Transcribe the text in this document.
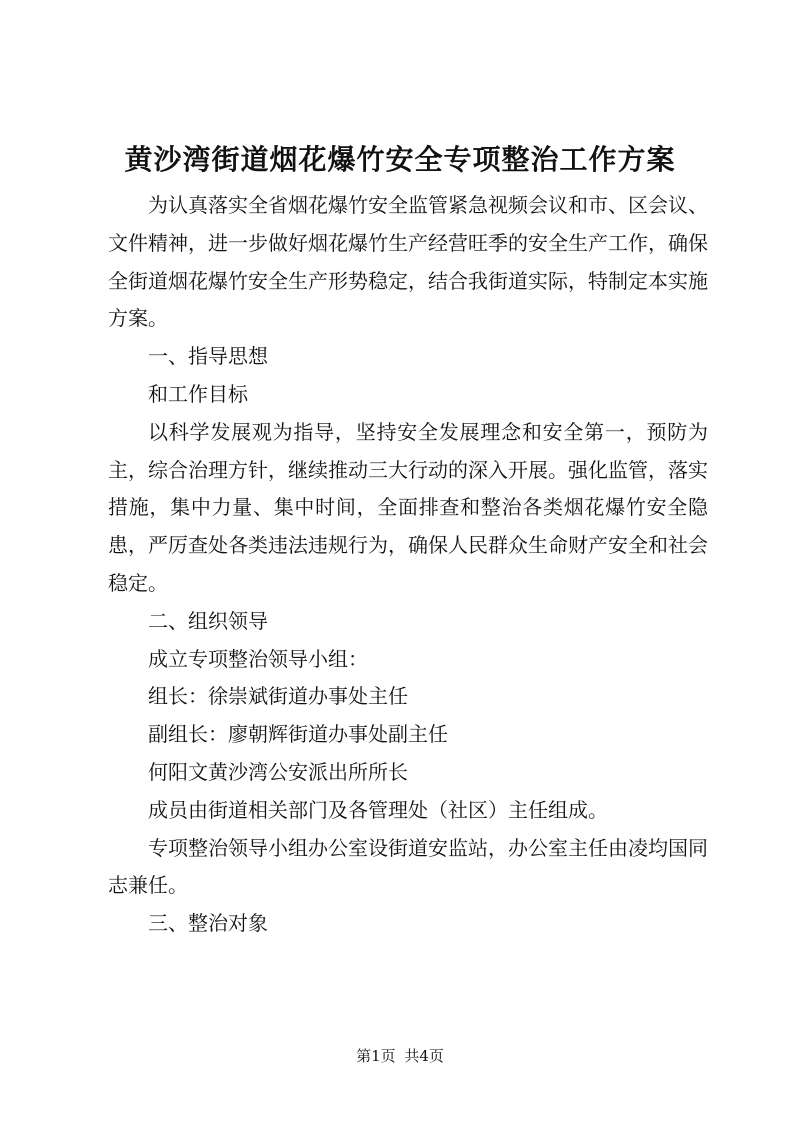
黄沙湾街道烟花爆竹安全专项整治工作方案

为认真落实全省烟花爆竹安全监管紧急视频会议和市、区会议、文件精神，进一步做好烟花爆竹生产经营旺季的安全生产工作，确保全街道烟花爆竹安全生产形势稳定，结合我街道实际，特制定本实施方案。

一、指导思想

和工作目标

以科学发展观为指导，坚持安全发展理念和安全第一，预防为主，综合治理方针，继续推动三大行动的深入开展。强化监管，落实措施，集中力量、集中时间，全面排查和整治各类烟花爆竹安全隐患，严厉查处各类违法违规行为，确保人民群众生命财产安全和社会稳定。

二、组织领导

成立专项整治领导小组：

组长：徐崇斌街道办事处主任

副组长：廖朝辉街道办事处副主任

何阳文黄沙湾公安派出所所长

成员由街道相关部门及各管理处（社区）主任组成。

专项整治领导小组办公室设街道安监站，办公室主任由凌均国同志兼任。

三、整治对象

第1页 共4页
